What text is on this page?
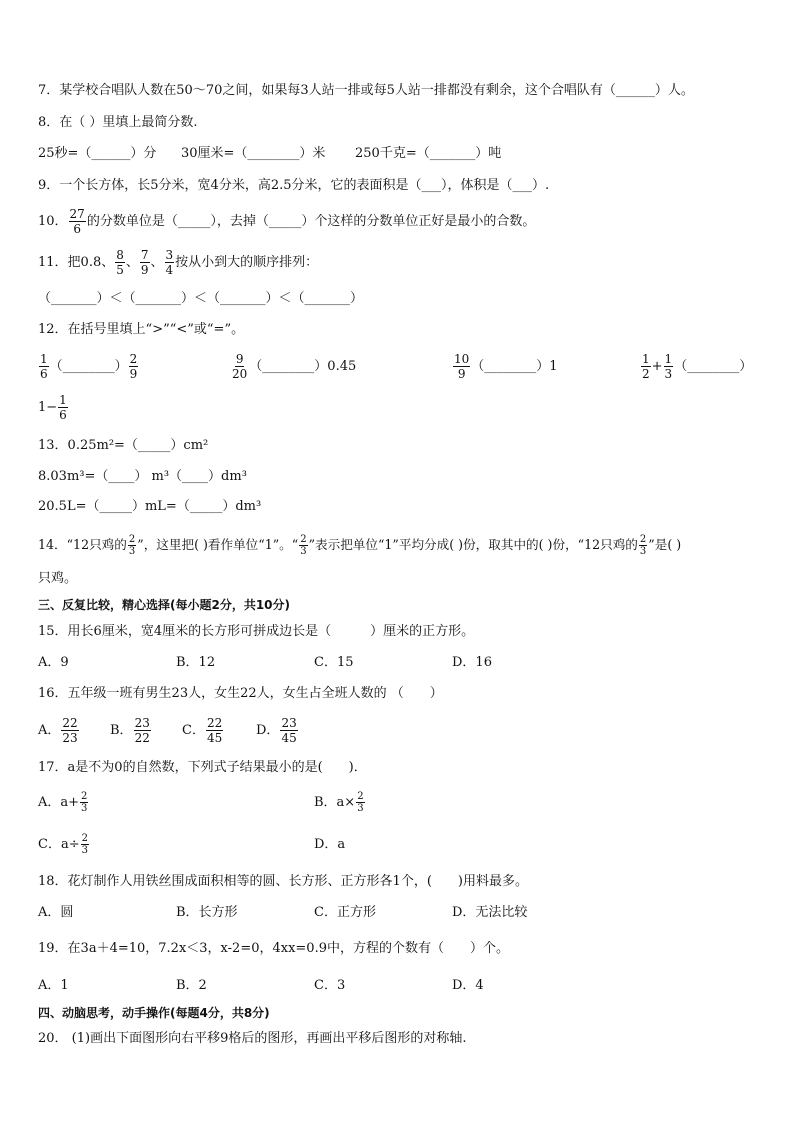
7．某学校合唱队人数在50～70之间，如果每3人站一排或每5人站一排都没有剩余，这个合唱队有（______）人。
8．在（ ）里填上最简分数.
25秒=（______）分 30厘米=（________）米 250千克=（_______）吨
9．一个长方体，长5分米，宽4分米，高2.5分米，它的表面积是（___），体积是（___）.
10． $\frac{27}{6}$ 的分数单位是（_____），去掉（_____）个这样的分数单位正好是最小的合数。
11．把0.8、 $\frac{8}{5}$ 、 $\frac{7}{9}$ 、 $\frac{3}{4}$ 按从小到大的顺序排列：
（_______）＜（_______）＜（_______）＜（_______）
12．在括号里填上“>”“<”或“=”。
$\frac{1}{6}$ （________） $\frac{2}{9}$	$\frac{9}{20}$ （________）0.45	$\frac{10}{9}$ （________）1	$\frac{1}{2} + \frac{1}{3}$ （________）
$1- \frac{1}{6}$
13．0.25m²=（_____）cm²
8.03m³=（____） m³（____）dm³
20.5L=（_____）mL=（_____）dm³
14．“12只鸡的 $\frac{2}{3}$ ”，这里把( )看作单位“1”。“ $\frac{2}{3}$ ”表示把单位“1”平均分成( )份，取其中的( )份，“12只鸡的 $\frac{2}{3}$ ”是( )
只鸡。
三、反复比较，精心选择(每小题2分，共10分)
15．用长6厘米，宽4厘米的长方形可拼成边长是（　　　）厘米的正方形。
A．9	B．12	C．15	D．16
16．五年级一班有男生23人，女生22人，女生占全班人数的 （　　）
A． $\frac{22}{23}$ B． $\frac{23}{22}$ C． $\frac{22}{45}$	D． $\frac{23}{45}$
17．a是不为0的自然数，下列式子结果最小的是(　　)．
A．$a+ \frac{2}{3}$	B．$a\times \frac{2}{3}$
C．$a\div \frac{2}{3}$	D．a
18．花灯制作人用铁丝围成面积相等的圆、长方形、正方形各1个，(　　)用料最多。
A．圆	B．长方形	C．正方形	D．无法比较
19．在3a＋4=10，7.2x＜3，x-2=0，4xx=0.9中，方程的个数有（　　）个。
A．1	B．2	C．3	D．4
四、动脑思考，动手操作(每题4分，共8分)
20． (1)画出下面图形向右平移9格后的图形，再画出平移后图形的对称轴.
